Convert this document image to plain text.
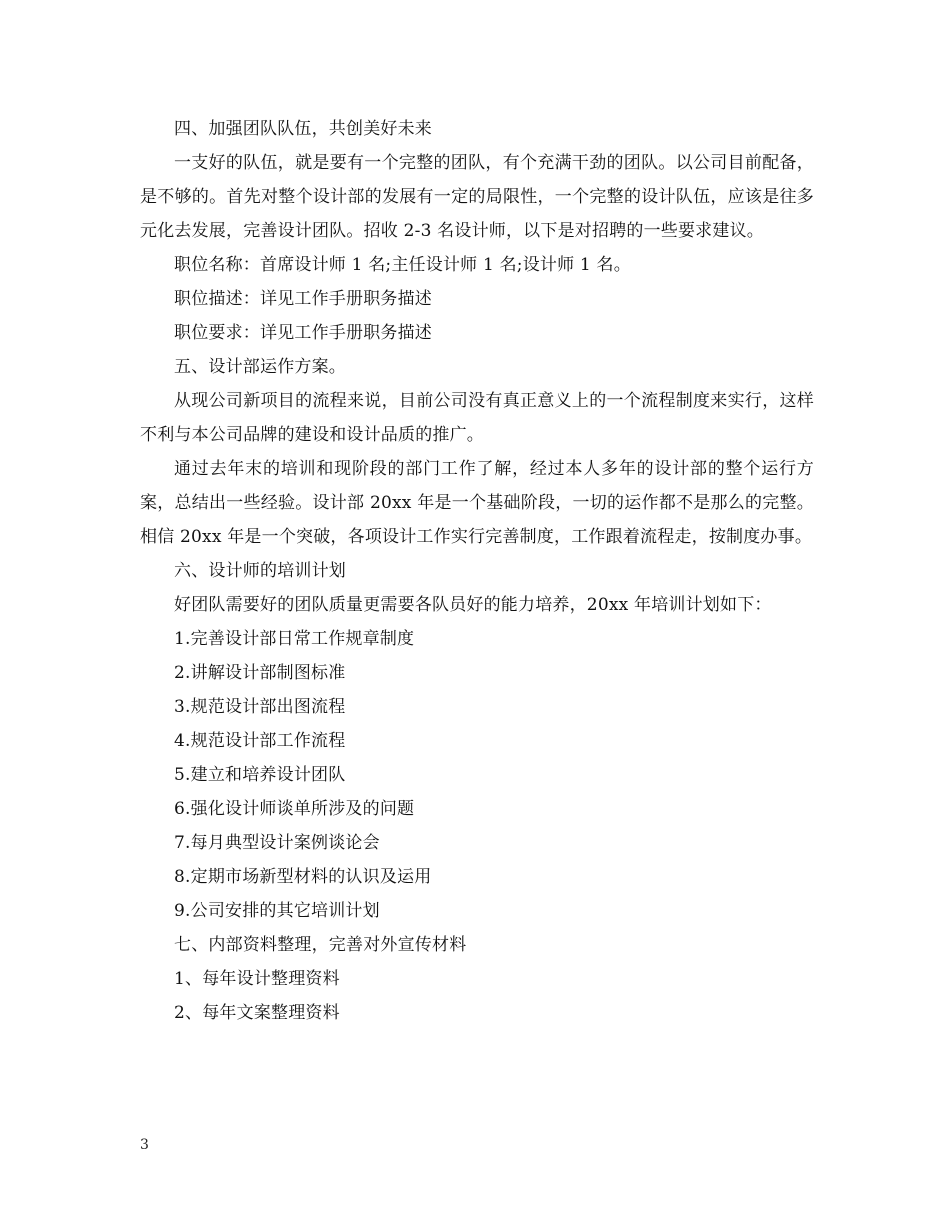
四、加强团队队伍，共创美好未来

一支好的队伍，就是要有一个完整的团队，有个充满干劲的团队。以公司目前配备，是不够的。首先对整个设计部的发展有一定的局限性，一个完整的设计队伍，应该是往多元化去发展，完善设计团队。招收 2-3 名设计师，以下是对招聘的一些要求建议。

职位名称：首席设计师 1 名;主任设计师 1 名;设计师 1 名。

职位描述：详见工作手册职务描述

职位要求：详见工作手册职务描述

五、设计部运作方案。

从现公司新项目的流程来说，目前公司没有真正意义上的一个流程制度来实行，这样不利与本公司品牌的建设和设计品质的推广。

通过去年末的培训和现阶段的部门工作了解，经过本人多年的设计部的整个运行方案，总结出一些经验。设计部 20xx 年是一个基础阶段，一切的运作都不是那么的完整。相信 20xx 年是一个突破，各项设计工作实行完善制度，工作跟着流程走，按制度办事。

六、设计师的培训计划

好团队需要好的团队质量更需要各队员好的能力培养，20xx 年培训计划如下：

1.完善设计部日常工作规章制度

2.讲解设计部制图标准

3.规范设计部出图流程

4.规范设计部工作流程

5.建立和培养设计团队

6.强化设计师谈单所涉及的问题

7.每月典型设计案例谈论会

8.定期市场新型材料的认识及运用

9.公司安排的其它培训计划

七、内部资料整理，完善对外宣传材料

1、每年设计整理资料

2、每年文案整理资料

3
